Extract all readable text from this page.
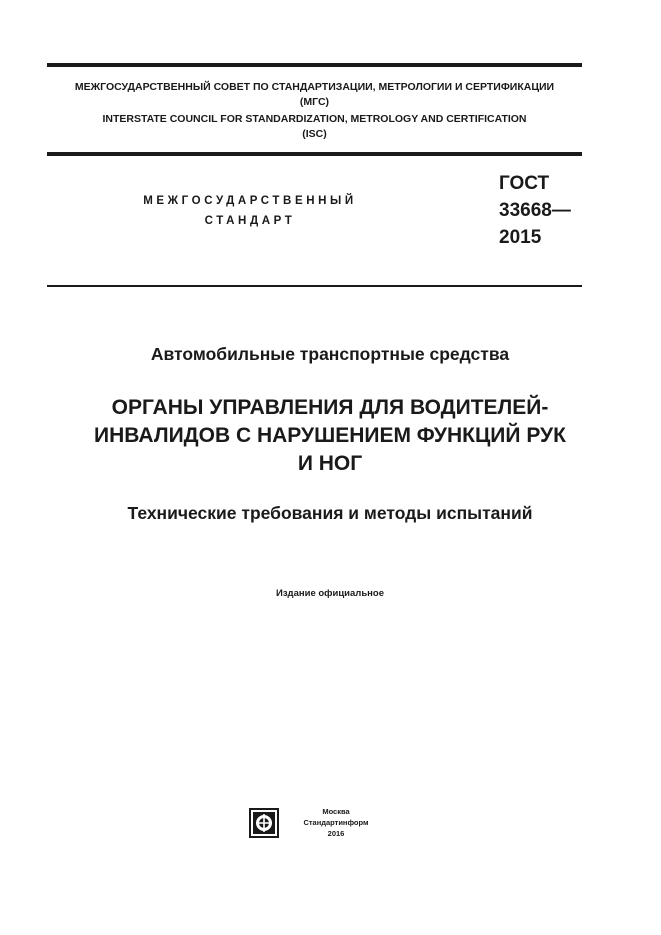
МЕЖГОСУДАРСТВЕННЫЙ СОВЕТ ПО СТАНДАРТИЗАЦИИ, МЕТРОЛОГИИ И СЕРТИФИКАЦИИ
(МГС)
INTERSTATE COUNCIL FOR STANDARDIZATION, METROLOGY AND CERTIFICATION
(ISC)
МЕЖГОСУДАРСТВЕННЫЙ
СТАНДАРТ
ГОСТ
33668—
2015
Автомобильные транспортные средства
ОРГАНЫ УПРАВЛЕНИЯ ДЛЯ ВОДИТЕЛЕЙ-
ИНВАЛИДОВ С НАРУШЕНИЕМ ФУНКЦИЙ РУК
И НОГ
Технические требования и методы испытаний
Издание официальное
Москва
Стандартинформ
2016
